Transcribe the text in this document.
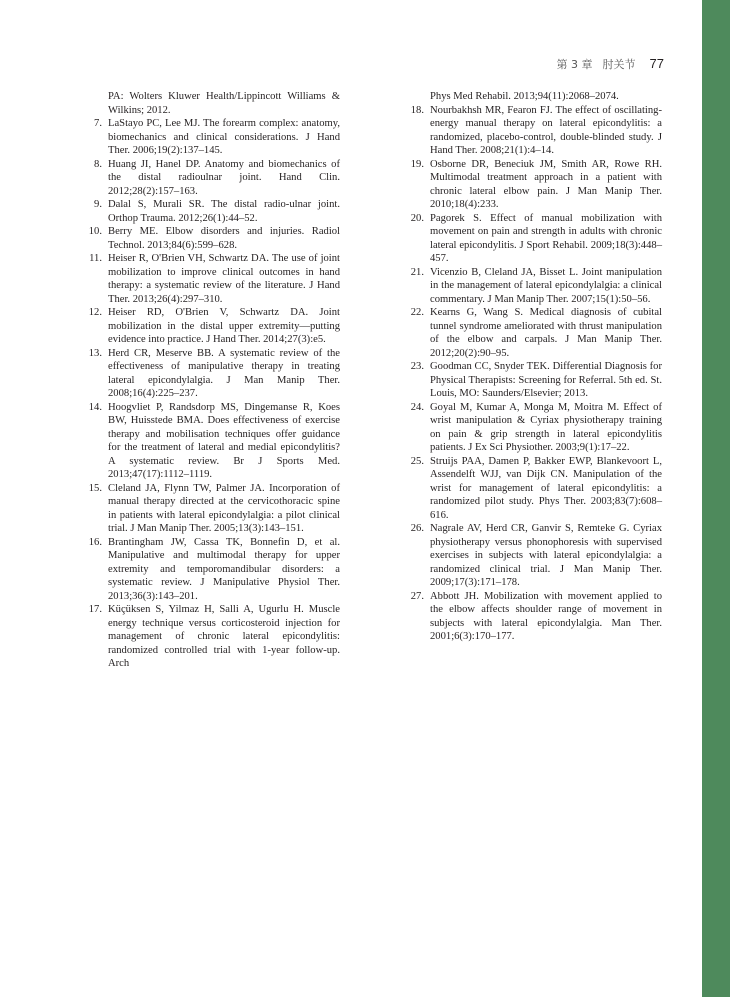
第 3 章 肘关节 77
PA: Wolters Kluwer Health/Lippincott Williams & Wilkins; 2012.
7. LaStayo PC, Lee MJ. The forearm complex: anatomy, biomechanics and clinical considerations. J Hand Ther. 2006;19(2):137–145.
8. Huang JI, Hanel DP. Anatomy and biomechanics of the distal radioulnar joint. Hand Clin. 2012;28(2):157–163.
9. Dalal S, Murali SR. The distal radio-ulnar joint. Orthop Trauma. 2012;26(1):44–52.
10. Berry ME. Elbow disorders and injuries. Radiol Technol. 2013;84(6):599–628.
11. Heiser R, O'Brien VH, Schwartz DA. The use of joint mobilization to improve clinical outcomes in hand therapy: a systematic review of the literature. J Hand Ther. 2013;26(4):297–310.
12. Heiser RD, O'Brien V, Schwartz DA. Joint mobilization in the distal upper extremity—putting evidence into practice. J Hand Ther. 2014;27(3):e5.
13. Herd CR, Meserve BB. A systematic review of the effectiveness of manipulative therapy in treating lateral epicondylalgia. J Man Manip Ther. 2008;16(4):225–237.
14. Hoogvliet P, Randsdorp MS, Dingemanse R, Koes BW, Huisstede BMA. Does effectiveness of exercise therapy and mobilisation techniques offer guidance for the treatment of lateral and medial epicondylitis? A systematic review. Br J Sports Med. 2013;47(17):1112–1119.
15. Cleland JA, Flynn TW, Palmer JA. Incorporation of manual therapy directed at the cervicothoracic spine in patients with lateral epicondylalgia: a pilot clinical trial. J Man Manip Ther. 2005;13(3):143–151.
16. Brantingham JW, Cassa TK, Bonnefin D, et al. Manipulative and multimodal therapy for upper extremity and temporomandibular disorders: a systematic review. J Manipulative Physiol Ther. 2013;36(3):143–201.
17. Küçüksen S, Yilmaz H, Salli A, Ugurlu H. Muscle energy technique versus corticosteroid injection for management of chronic lateral epicondylitis: randomized controlled trial with 1-year follow-up. Arch
Phys Med Rehabil. 2013;94(11):2068–2074.
18. Nourbakhsh MR, Fearon FJ. The effect of oscillating-energy manual therapy on lateral epicondylitis: a randomized, placebo-control, double-blinded study. J Hand Ther. 2008;21(1):4–14.
19. Osborne DR, Beneciuk JM, Smith AR, Rowe RH. Multimodal treatment approach in a patient with chronic lateral elbow pain. J Man Manip Ther. 2010;18(4):233.
20. Pagorek S. Effect of manual mobilization with movement on pain and strength in adults with chronic lateral epicondylitis. J Sport Rehabil. 2009;18(3):448–457.
21. Vicenzio B, Cleland JA, Bisset L. Joint manipulation in the management of lateral epicondylalgia: a clinical commentary. J Man Manip Ther. 2007;15(1):50–56.
22. Kearns G, Wang S. Medical diagnosis of cubital tunnel syndrome ameliorated with thrust manipulation of the elbow and carpals. J Man Manip Ther. 2012;20(2):90–95.
23. Goodman CC, Snyder TEK. Differential Diagnosis for Physical Therapists: Screening for Referral. 5th ed. St. Louis, MO: Saunders/Elsevier; 2013.
24. Goyal M, Kumar A, Monga M, Moitra M. Effect of wrist manipulation & Cyriax physiotherapy training on pain & grip strength in lateral epicondylitis patients. J Ex Sci Physiother. 2003;9(1):17–22.
25. Struijs PAA, Damen P, Bakker EWP, Blankevoort L, Assendelft WJJ, van Dijk CN. Manipulation of the wrist for management of lateral epicondylitis: a randomized pilot study. Phys Ther. 2003;83(7):608–616.
26. Nagrale AV, Herd CR, Ganvir S, Remteke G. Cyriax physiotherapy versus phonophoresis with supervised exercises in subjects with lateral epicondylalgia: a randomized clinical trial. J Man Manip Ther. 2009;17(3):171–178.
27. Abbott JH. Mobilization with movement applied to the elbow affects shoulder range of movement in subjects with lateral epicondylalgia. Man Ther. 2001;6(3):170–177.
